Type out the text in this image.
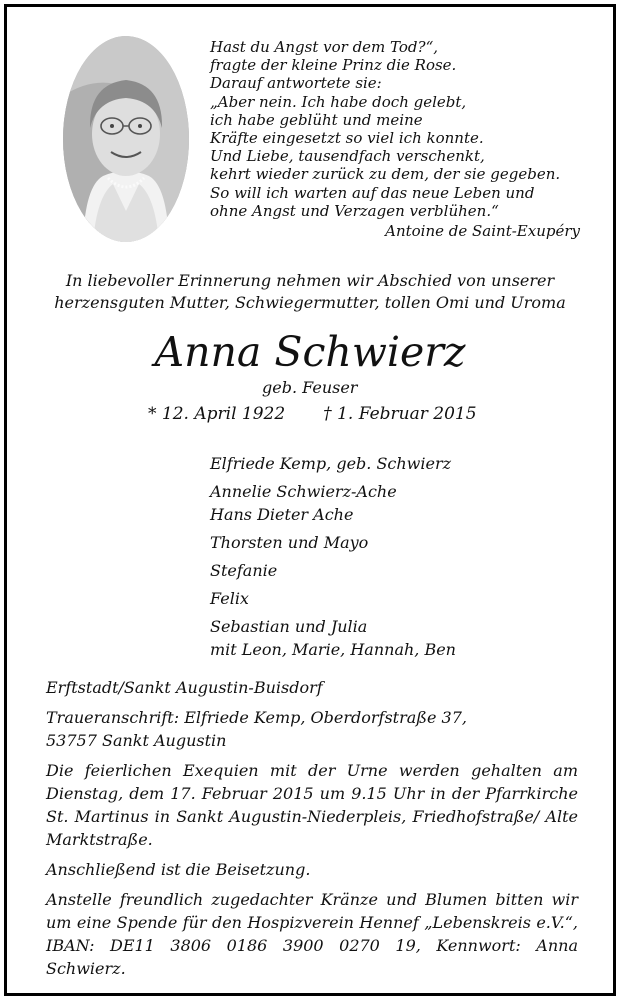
Hast du Angst vor dem Tod?“,
fragte der kleine Prinz die Rose.
Darauf antwortete sie:
„Aber nein. Ich habe doch gelebt,
ich habe geblüht und meine
Kräfte eingesetzt so viel ich konnte.
Und Liebe, tausendfach verschenkt,
kehrt wieder zurück zu dem, der sie gegeben.
So will ich warten auf das neue Leben und
ohne Angst und Verzagen verblühen.“
Antoine de Saint-Exupéry
In liebevoller Erinnerung nehmen wir Abschied von unserer
herzensguten Mutter, Schwiegermutter, tollen Omi und Uroma
Anna Schwierz
geb. Feuser
* 12. April 1922 † 1. Februar 2015
Elfriede Kemp, geb. Schwierz
Annelie Schwierz-Ache
Hans Dieter Ache
Thorsten und Mayo
Stefanie
Felix
Sebastian und Julia
mit Leon, Marie, Hannah, Ben
Erftstadt/Sankt Augustin-Buisdorf
Traueranschrift: Elfriede Kemp, Oberdorfstraße 37,
53757 Sankt Augustin
Die feierlichen Exequien mit der Urne werden gehalten am Dienstag, dem 17. Februar 2015 um 9.15 Uhr in der Pfarrkirche St. Martinus in Sankt Augustin-Niederpleis, Friedhofstraße/ Alte Marktstraße.
Anschließend ist die Beisetzung.
Anstelle freundlich zugedachter Kränze und Blumen bitten wir um eine Spende für den Hospizverein Hennef „Lebenskreis e.V.“, IBAN: DE11 3806 0186 3900 0270 19, Kennwort: Anna Schwierz.
